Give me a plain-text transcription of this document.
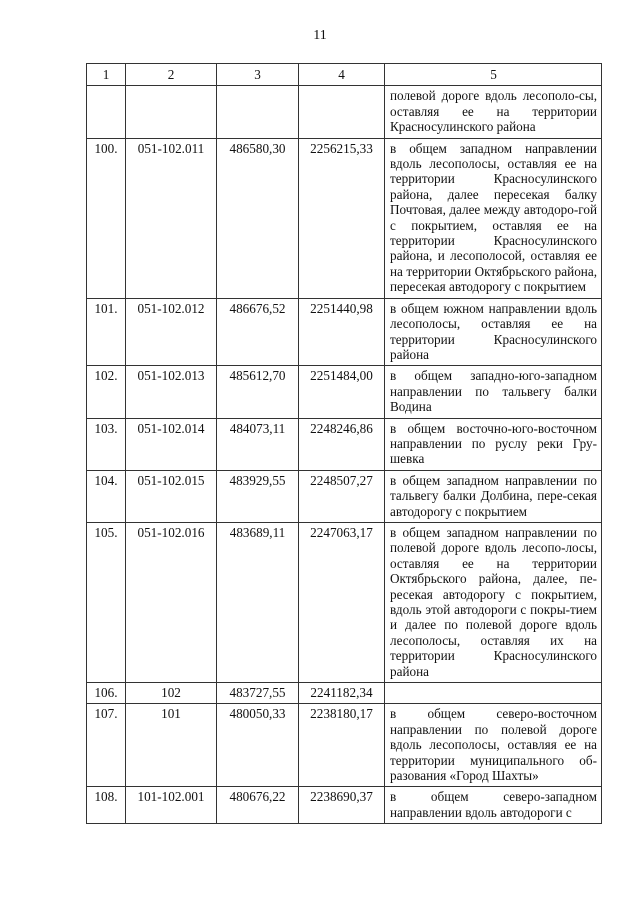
11
1	2	3	4	5
				полевой дороге вдоль лесополо-сы, оставляя ее на территории Красносулинского района
100.	051-102.011	486580,30	2256215,33	в общем западном направлении вдоль лесополосы, оставляя ее на территории Красносулинского района, далее пересекая балку Почтовая, далее между автодоро-гой с покрытием, оставляя ее на территории Красносулинского района, и лесополосой, оставляя ее на территории Октябрьского района, пересекая автодорогу с покрытием
101.	051-102.012	486676,52	2251440,98	в общем южном направлении вдоль лесополосы, оставляя ее на территории Красносулинского района
102.	051-102.013	485612,70	2251484,00	в общем западно-юго-западном направлении по тальвегу балки Водина
103.	051-102.014	484073,11	2248246,86	в общем восточно-юго-восточном направлении по руслу реки Гру-шевка
104.	051-102.015	483929,55	2248507,27	в общем западном направлении по тальвегу балки Долбина, пере-секая автодорогу с покрытием
105.	051-102.016	483689,11	2247063,17	в общем западном направлении по полевой дороге вдоль лесопо-лосы, оставляя ее на территории Октябрьского района, далее, пе-ресекая автодорогу с покрытием, вдоль этой автодороги с покры-тием и далее по полевой дороге вдоль лесополосы, оставляя их на территории Красносулинского района
106.	102	483727,55	2241182,34	
107.	101	480050,33	2238180,17	в общем северо-восточном направлении по полевой дороге вдоль лесополосы, оставляя ее на территории муниципального об-разования «Город Шахты»
108.	101-102.001	480676,22	2238690,37	в общем северо-западном направлении вдоль автодороги с
